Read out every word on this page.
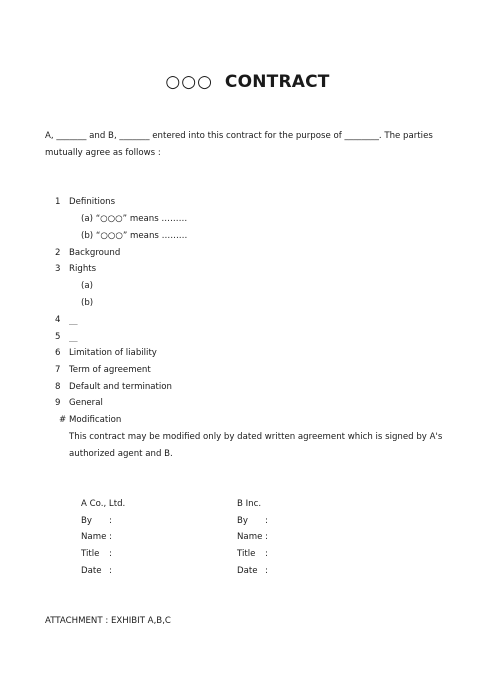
○○○ CONTRACT
A, _______ and B, _______ entered into this contract for the purpose of ________. The parties
mutually agree as follows :
1 Definitions
(a) “○○○” means ………
(b) “○○○” means ………
2 Background
3 Rights
(a)
(b)
4 ＿
5 ＿
6 Limitation of liability
7 Term of agreement
8 Default and termination
9 General
# Modification
This contract may be modified only by dated written agreement which is signed by A's
authorized agent and B.
A Co., Ltd.
By :
Name :
Title :
Date :
B Inc.
By :
Name :
Title :
Date :
ATTACHMENT : EXHIBIT A,B,C
